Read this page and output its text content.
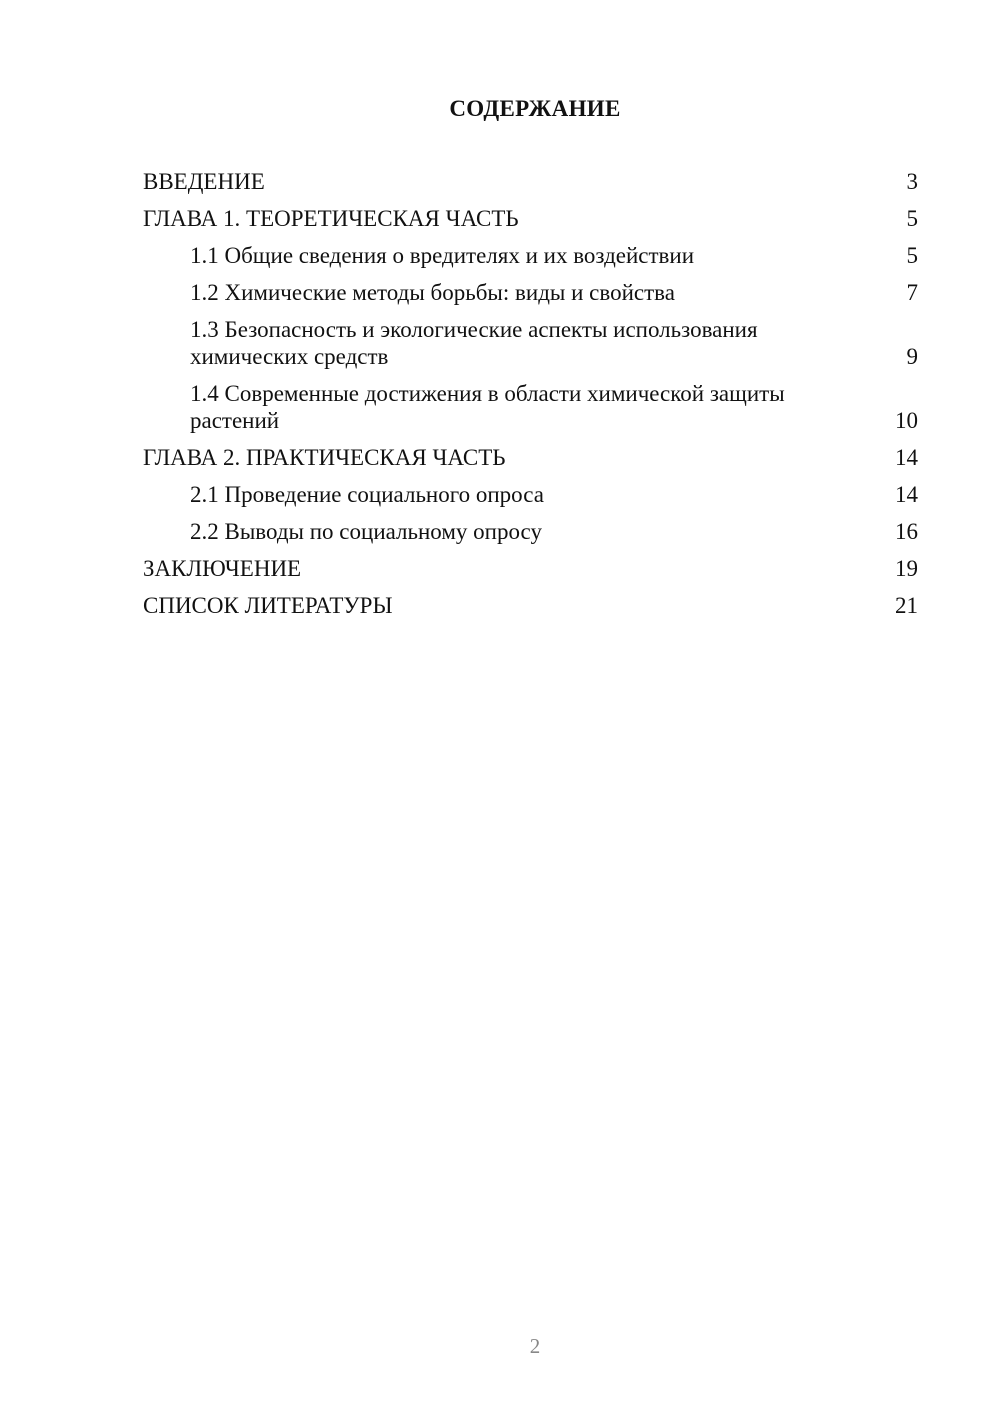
СОДЕРЖАНИЕ
ВВЕДЕНИЕ	3
ГЛАВА 1. ТЕОРЕТИЧЕСКАЯ ЧАСТЬ	5
1.1 Общие сведения о вредителях и их воздействии	5
1.2 Химические методы борьбы: виды и свойства	7
1.3 Безопасность и экологические аспекты использования химических средств	9
1.4 Современные достижения в области химической защиты растений	10
ГЛАВА 2. ПРАКТИЧЕСКАЯ ЧАСТЬ	14
2.1 Проведение социального опроса	14
2.2 Выводы по социальному опросу	16
ЗАКЛЮЧЕНИЕ	19
СПИСОК ЛИТЕРАТУРЫ	21
2
